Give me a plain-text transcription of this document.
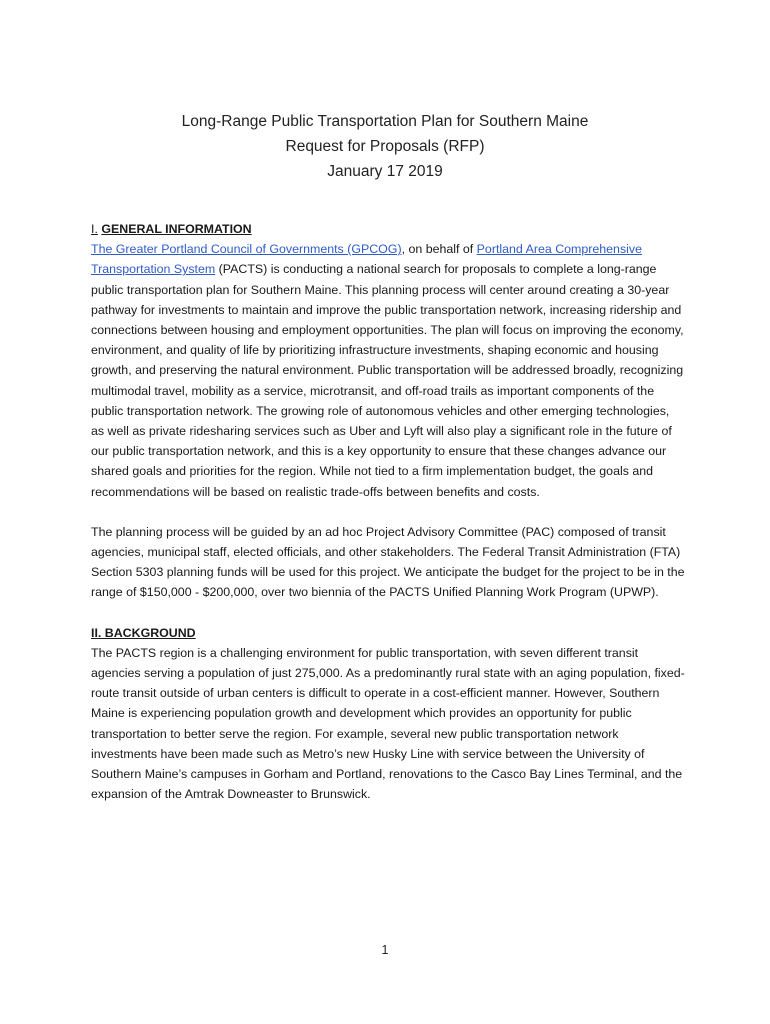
Long-Range Public Transportation Plan for Southern Maine
Request for Proposals (RFP)
January 17 2019

I. GENERAL INFORMATION

The Greater Portland Council of Governments (GPCOG), on behalf of Portland Area Comprehensive Transportation System (PACTS) is conducting a national search for proposals to complete a long-range public transportation plan for Southern Maine. This planning process will center around creating a 30-year pathway for investments to maintain and improve the public transportation network, increasing ridership and connections between housing and employment opportunities. The plan will focus on improving the economy, environment, and quality of life by prioritizing infrastructure investments, shaping economic and housing growth, and preserving the natural environment. Public transportation will be addressed broadly, recognizing multimodal travel, mobility as a service, microtransit, and off-road trails as important components of the public transportation network. The growing role of autonomous vehicles and other emerging technologies, as well as private ridesharing services such as Uber and Lyft will also play a significant role in the future of our public transportation network, and this is a key opportunity to ensure that these changes advance our shared goals and priorities for the region. While not tied to a firm implementation budget, the goals and recommendations will be based on realistic trade-offs between benefits and costs.

The planning process will be guided by an ad hoc Project Advisory Committee (PAC) composed of transit agencies, municipal staff, elected officials, and other stakeholders. The Federal Transit Administration (FTA) Section 5303 planning funds will be used for this project. We anticipate the budget for the project to be in the range of $150,000 - $200,000, over two biennia of the PACTS Unified Planning Work Program (UPWP).

II. BACKGROUND

The PACTS region is a challenging environment for public transportation, with seven different transit agencies serving a population of just 275,000. As a predominantly rural state with an aging population, fixed-route transit outside of urban centers is difficult to operate in a cost-efficient manner. However, Southern Maine is experiencing population growth and development which provides an opportunity for public transportation to better serve the region. For example, several new public transportation network investments have been made such as Metro’s new Husky Line with service between the University of Southern Maine’s campuses in Gorham and Portland, renovations to the Casco Bay Lines Terminal, and the expansion of the Amtrak Downeaster to Brunswick.

1
